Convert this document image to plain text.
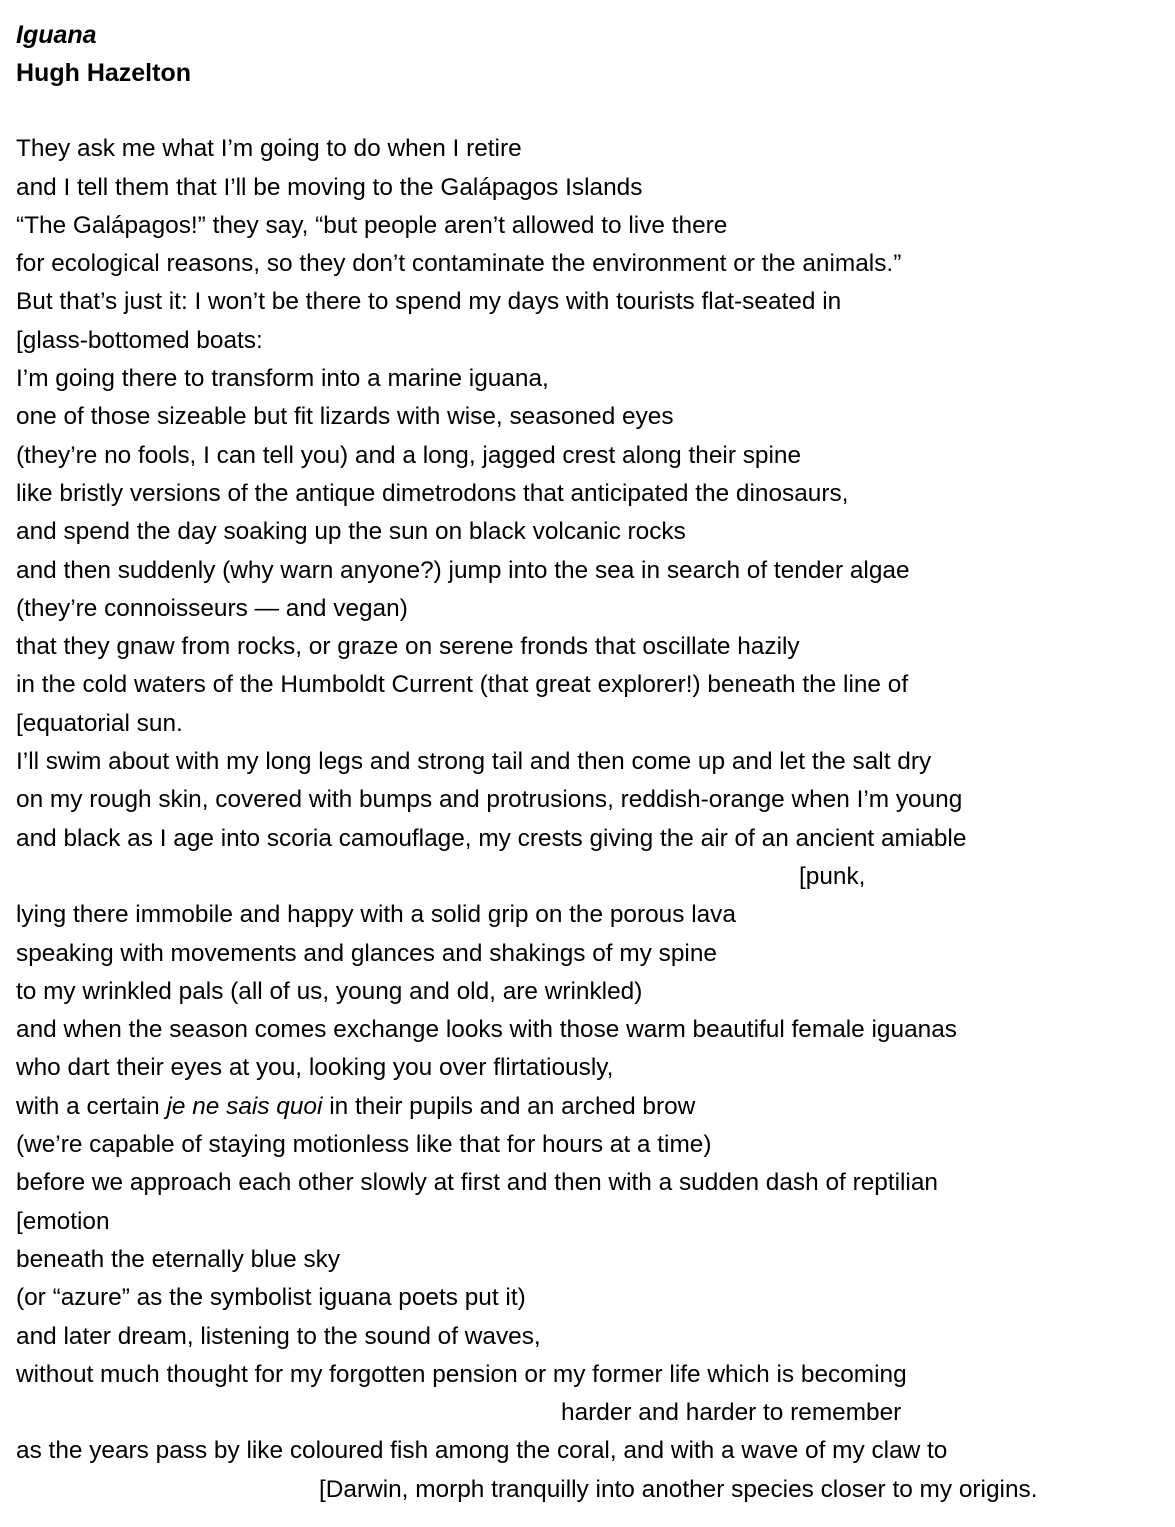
Iguana
Hugh Hazelton
They ask me what I’m going to do when I retire
and I tell them that I’ll be moving to the Galápagos Islands
“The Galápagos!” they say, “but people aren’t allowed to live there
for ecological reasons, so they don’t contaminate the environment or the animals.”
But that’s just it: I won’t be there to spend my days with tourists flat-seated in
[glass-bottomed boats:
I’m going there to transform into a marine iguana,
one of those sizeable but fit lizards with wise, seasoned eyes
(they’re no fools, I can tell you) and a long, jagged crest along their spine
like bristly versions of the antique dimetrodons that anticipated the dinosaurs,
and spend the day soaking up the sun on black volcanic rocks
and then suddenly (why warn anyone?) jump into the sea in search of tender algae
(they’re connoisseurs — and vegan)
that they gnaw from rocks, or graze on serene fronds that oscillate hazily
in the cold waters of the Humboldt Current (that great explorer!) beneath the line of
[equatorial sun.
I’ll swim about with my long legs and strong tail and then come up and let the salt dry
on my rough skin, covered with bumps and protrusions, reddish-orange when I’m young
and black as I age into scoria camouflage, my crests giving the air of an ancient amiable
[punk,
lying there immobile and happy with a solid grip on the porous lava
speaking with movements and glances and shakings of my spine
to my wrinkled pals (all of us, young and old, are wrinkled)
and when the season comes exchange looks with those warm beautiful female iguanas
who dart their eyes at you, looking you over flirtatiously,
with a certain je ne sais quoi in their pupils and an arched brow
(we’re capable of staying motionless like that for hours at a time)
before we approach each other slowly at first and then with a sudden dash of reptilian
[emotion
beneath the eternally blue sky
(or “azure” as the symbolist iguana poets put it)
and later dream, listening to the sound of waves,
without much thought for my forgotten pension or my former life which is becoming
harder and harder to remember
as the years pass by like coloured fish among the coral, and with a wave of my claw to
[Darwin, morph tranquilly into another species closer to my origins.
